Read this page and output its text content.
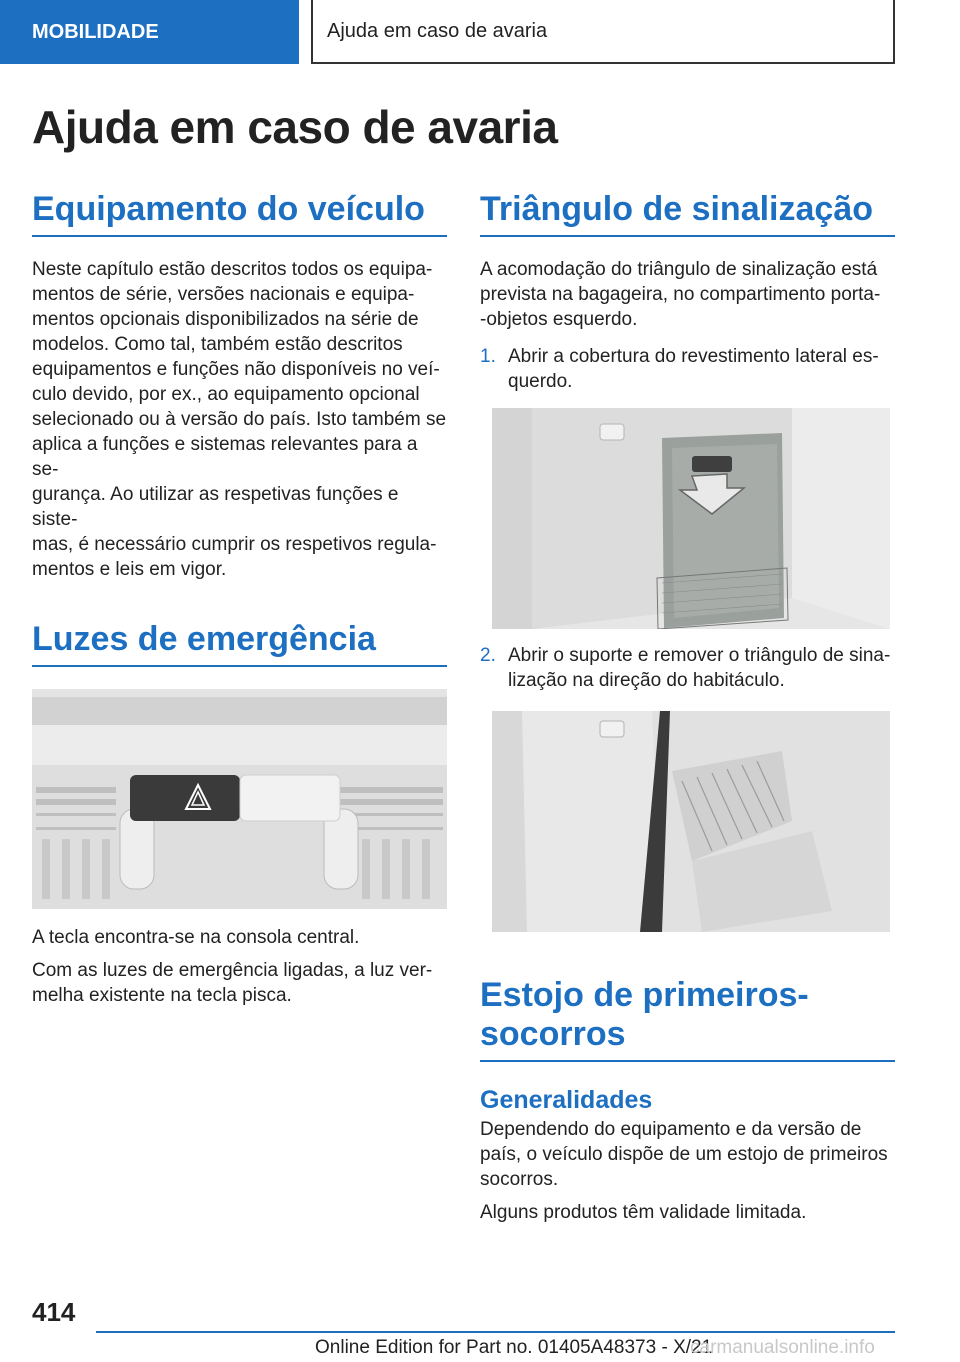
MOBILIDADE	Ajuda em caso de avaria
Ajuda em caso de avaria
Equipamento do veículo

Neste capítulo estão descritos todos os equipa-
mentos de série, versões nacionais e equipa-
mentos opcionais disponibilizados na série de
modelos. Como tal, também estão descritos
equipamentos e funções não disponíveis no veí-
culo devido, por ex., ao equipamento opcional
selecionado ou à versão do país. Isto também se
aplica a funções e sistemas relevantes para a se-
gurança. Ao utilizar as respetivas funções e siste-
mas, é necessário cumprir os respetivos regula-
mentos e leis em vigor.

Luzes de emergência

A tecla encontra-se na consola central.

Com as luzes de emergência ligadas, a luz ver-
melha existente na tecla pisca.

Triângulo de sinalização

A acomodação do triângulo de sinalização está
prevista na bagageira, no compartimento porta-
-objetos esquerdo.

1. Abrir a cobertura do revestimento lateral es-
querdo.
2. Abrir o suporte e remover o triângulo de sina-
lização na direção do habitáculo.
Estojo de primeiros-
socorros
Generalidades

Dependendo do equipamento e da versão de
país, o veículo dispõe de um estojo de primeiros
socorros.

Alguns produtos têm validade limitada.

414

Online Edition for Part no. 01405A48373 - X/21
carmanualsonline.info
